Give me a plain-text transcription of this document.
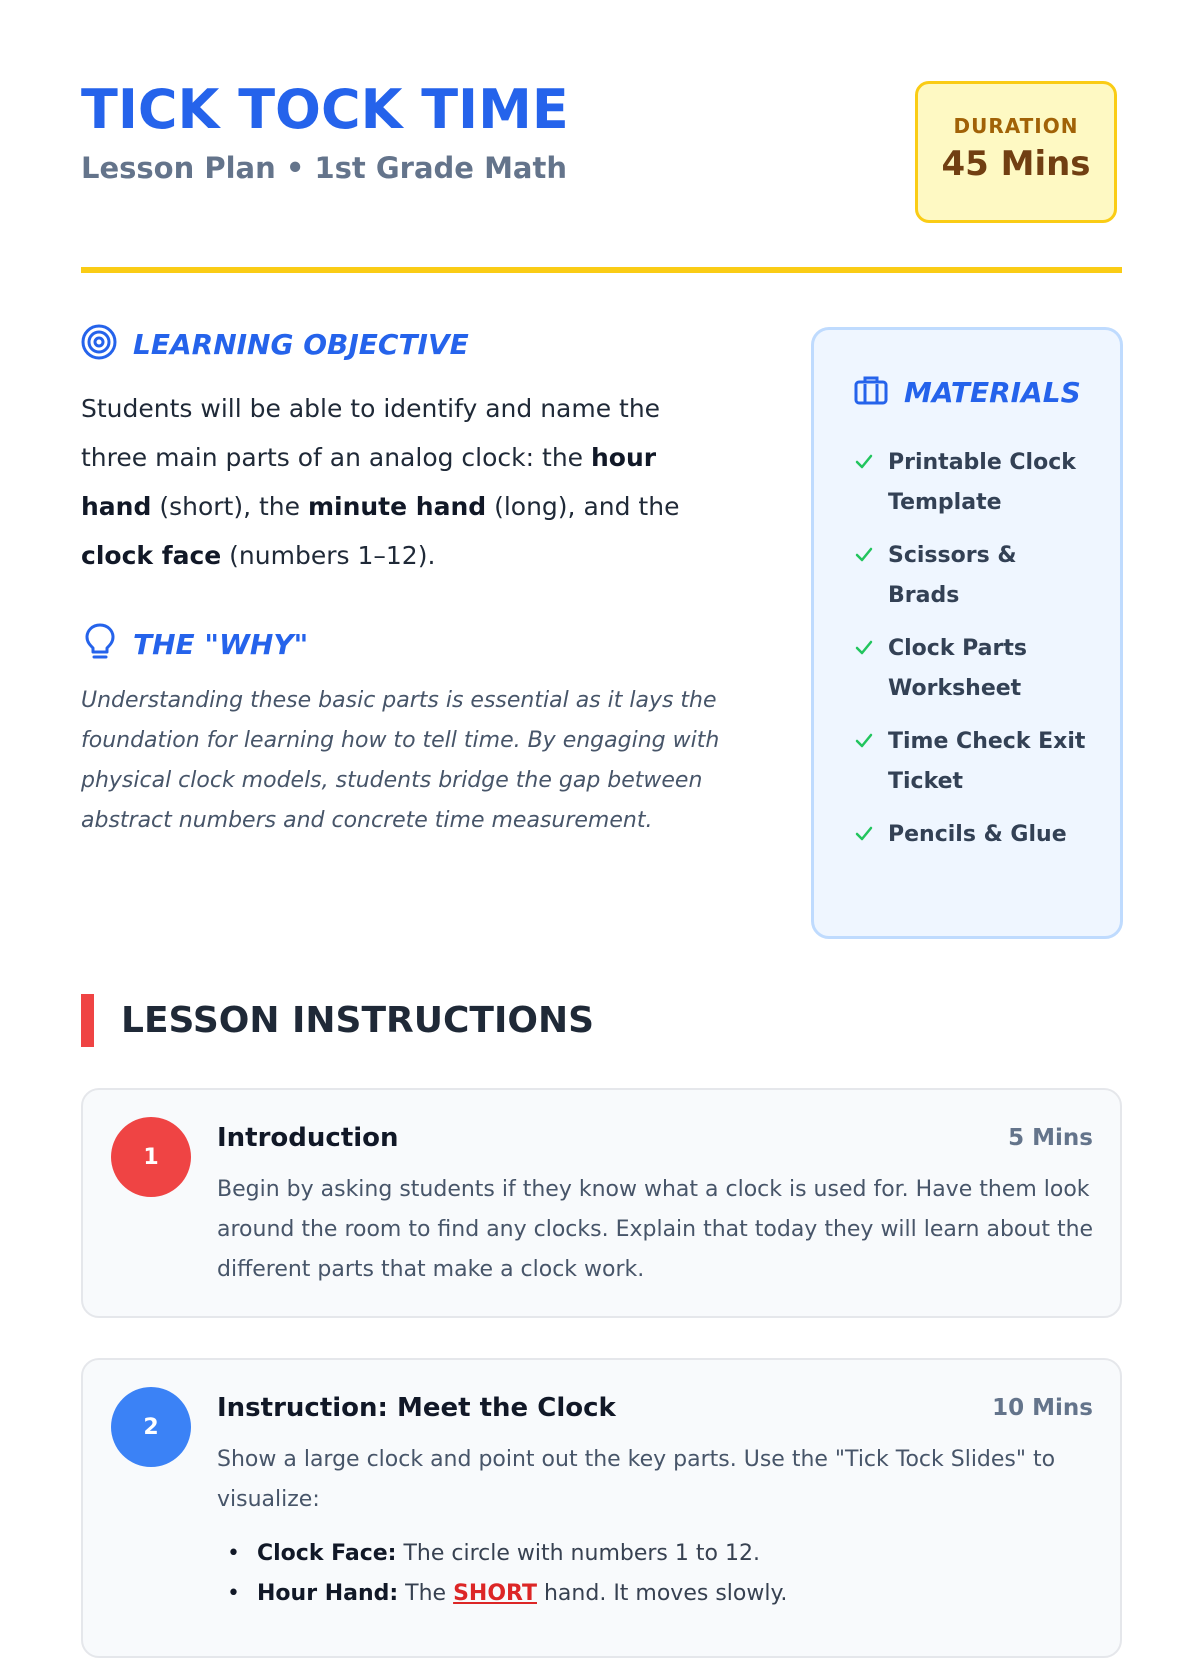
TICK TOCK TIME
Lesson Plan • 1st Grade Math
DURATION
45 Mins
LEARNING OBJECTIVE
Students will be able to identify and name the three main parts of an analog clock: the hour hand (short), the minute hand (long), and the clock face (numbers 1–12).
THE "WHY"
Understanding these basic parts is essential as it lays the foundation for learning how to tell time. By engaging with physical clock models, students bridge the gap between abstract numbers and concrete time measurement.
MATERIALS
Printable Clock Template
Scissors & Brads
Clock Parts Worksheet
Time Check Exit Ticket
Pencils & Glue
LESSON INSTRUCTIONS
1
Introduction	5 Mins
Begin by asking students if they know what a clock is used for. Have them look around the room to find any clocks. Explain that today they will learn about the different parts that make a clock work.
2
Instruction: Meet the Clock	10 Mins
Show a large clock and point out the key parts. Use the "Tick Tock Slides" to visualize:
• Clock Face: The circle with numbers 1 to 12.
• Hour Hand: The SHORT hand. It moves slowly.
